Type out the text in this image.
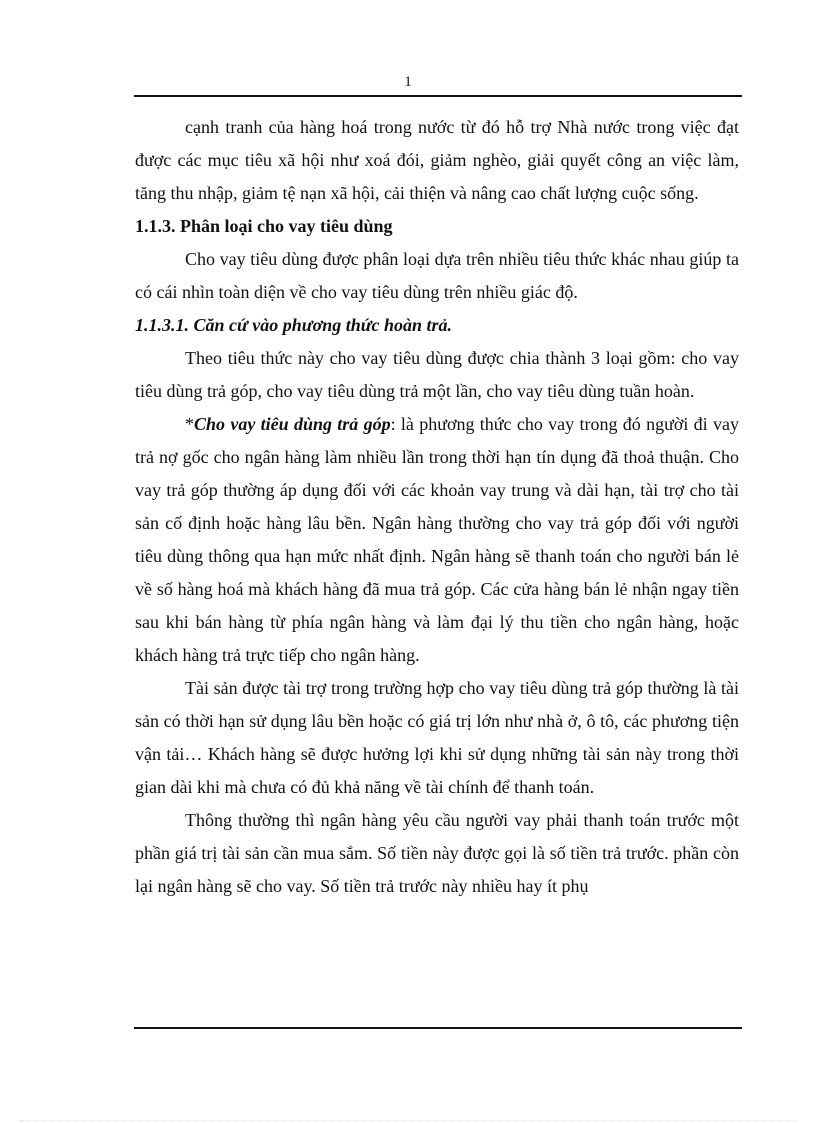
1

cạnh tranh của hàng hoá trong nước từ đó hỗ trợ Nhà nước trong việc đạt được các mục tiêu xã hội như xoá đói, giảm nghèo, giải quyết công an việc làm, tăng thu nhập, giảm tệ nạn xã hội, cải thiện và nâng cao chất lượng cuộc sống.

1.1.3. Phân loại cho vay tiêu dùng

Cho vay tiêu dùng được phân loại dựa trên nhiều tiêu thức khác nhau giúp ta có cái nhìn toàn diện về cho vay tiêu dùng trên nhiều giác độ.

1.1.3.1. Căn cứ vào phương thức hoàn trả.

Theo tiêu thức này cho vay tiêu dùng được chia thành 3 loại gồm: cho vay tiêu dùng trả góp, cho vay tiêu dùng trả một lần, cho vay tiêu dùng tuần hoàn.

*Cho vay tiêu dùng trả góp: là phương thức cho vay trong đó người đi vay trả nợ gốc cho ngân hàng làm nhiều lần trong thời hạn tín dụng đã thoả thuận. Cho vay trả góp thường áp dụng đối với các khoản vay trung và dài hạn, tài trợ cho tài sản cố định hoặc hàng lâu bền. Ngân hàng thường cho vay trả góp đối với người tiêu dùng thông qua hạn mức nhất định. Ngân hàng sẽ thanh toán cho người bán lẻ về số hàng hoá mà khách hàng đã mua trả góp. Các cửa hàng bán lẻ nhận ngay tiền sau khi bán hàng từ phía ngân hàng và làm đại lý thu tiền cho ngân hàng, hoặc khách hàng trả trực tiếp cho ngân hàng.

Tài sản được tài trợ trong trường hợp cho vay tiêu dùng trả góp thường là tài sản có thời hạn sử dụng lâu bền hoặc có giá trị lớn như nhà ở, ô tô, các phương tiện vận tải… Khách hàng sẽ được hưởng lợi khi sử dụng những tài sản này trong thời gian dài khi mà chưa có đủ khả năng về tài chính để thanh toán.

Thông thường thì ngân hàng yêu cầu người vay phải thanh toán trước một phần giá trị tài sản cần mua sắm. Số tiền này được gọi là số tiền trả trước. phần còn lại ngân hàng sẽ cho vay. Số tiền trả trước này nhiều hay ít phụ
